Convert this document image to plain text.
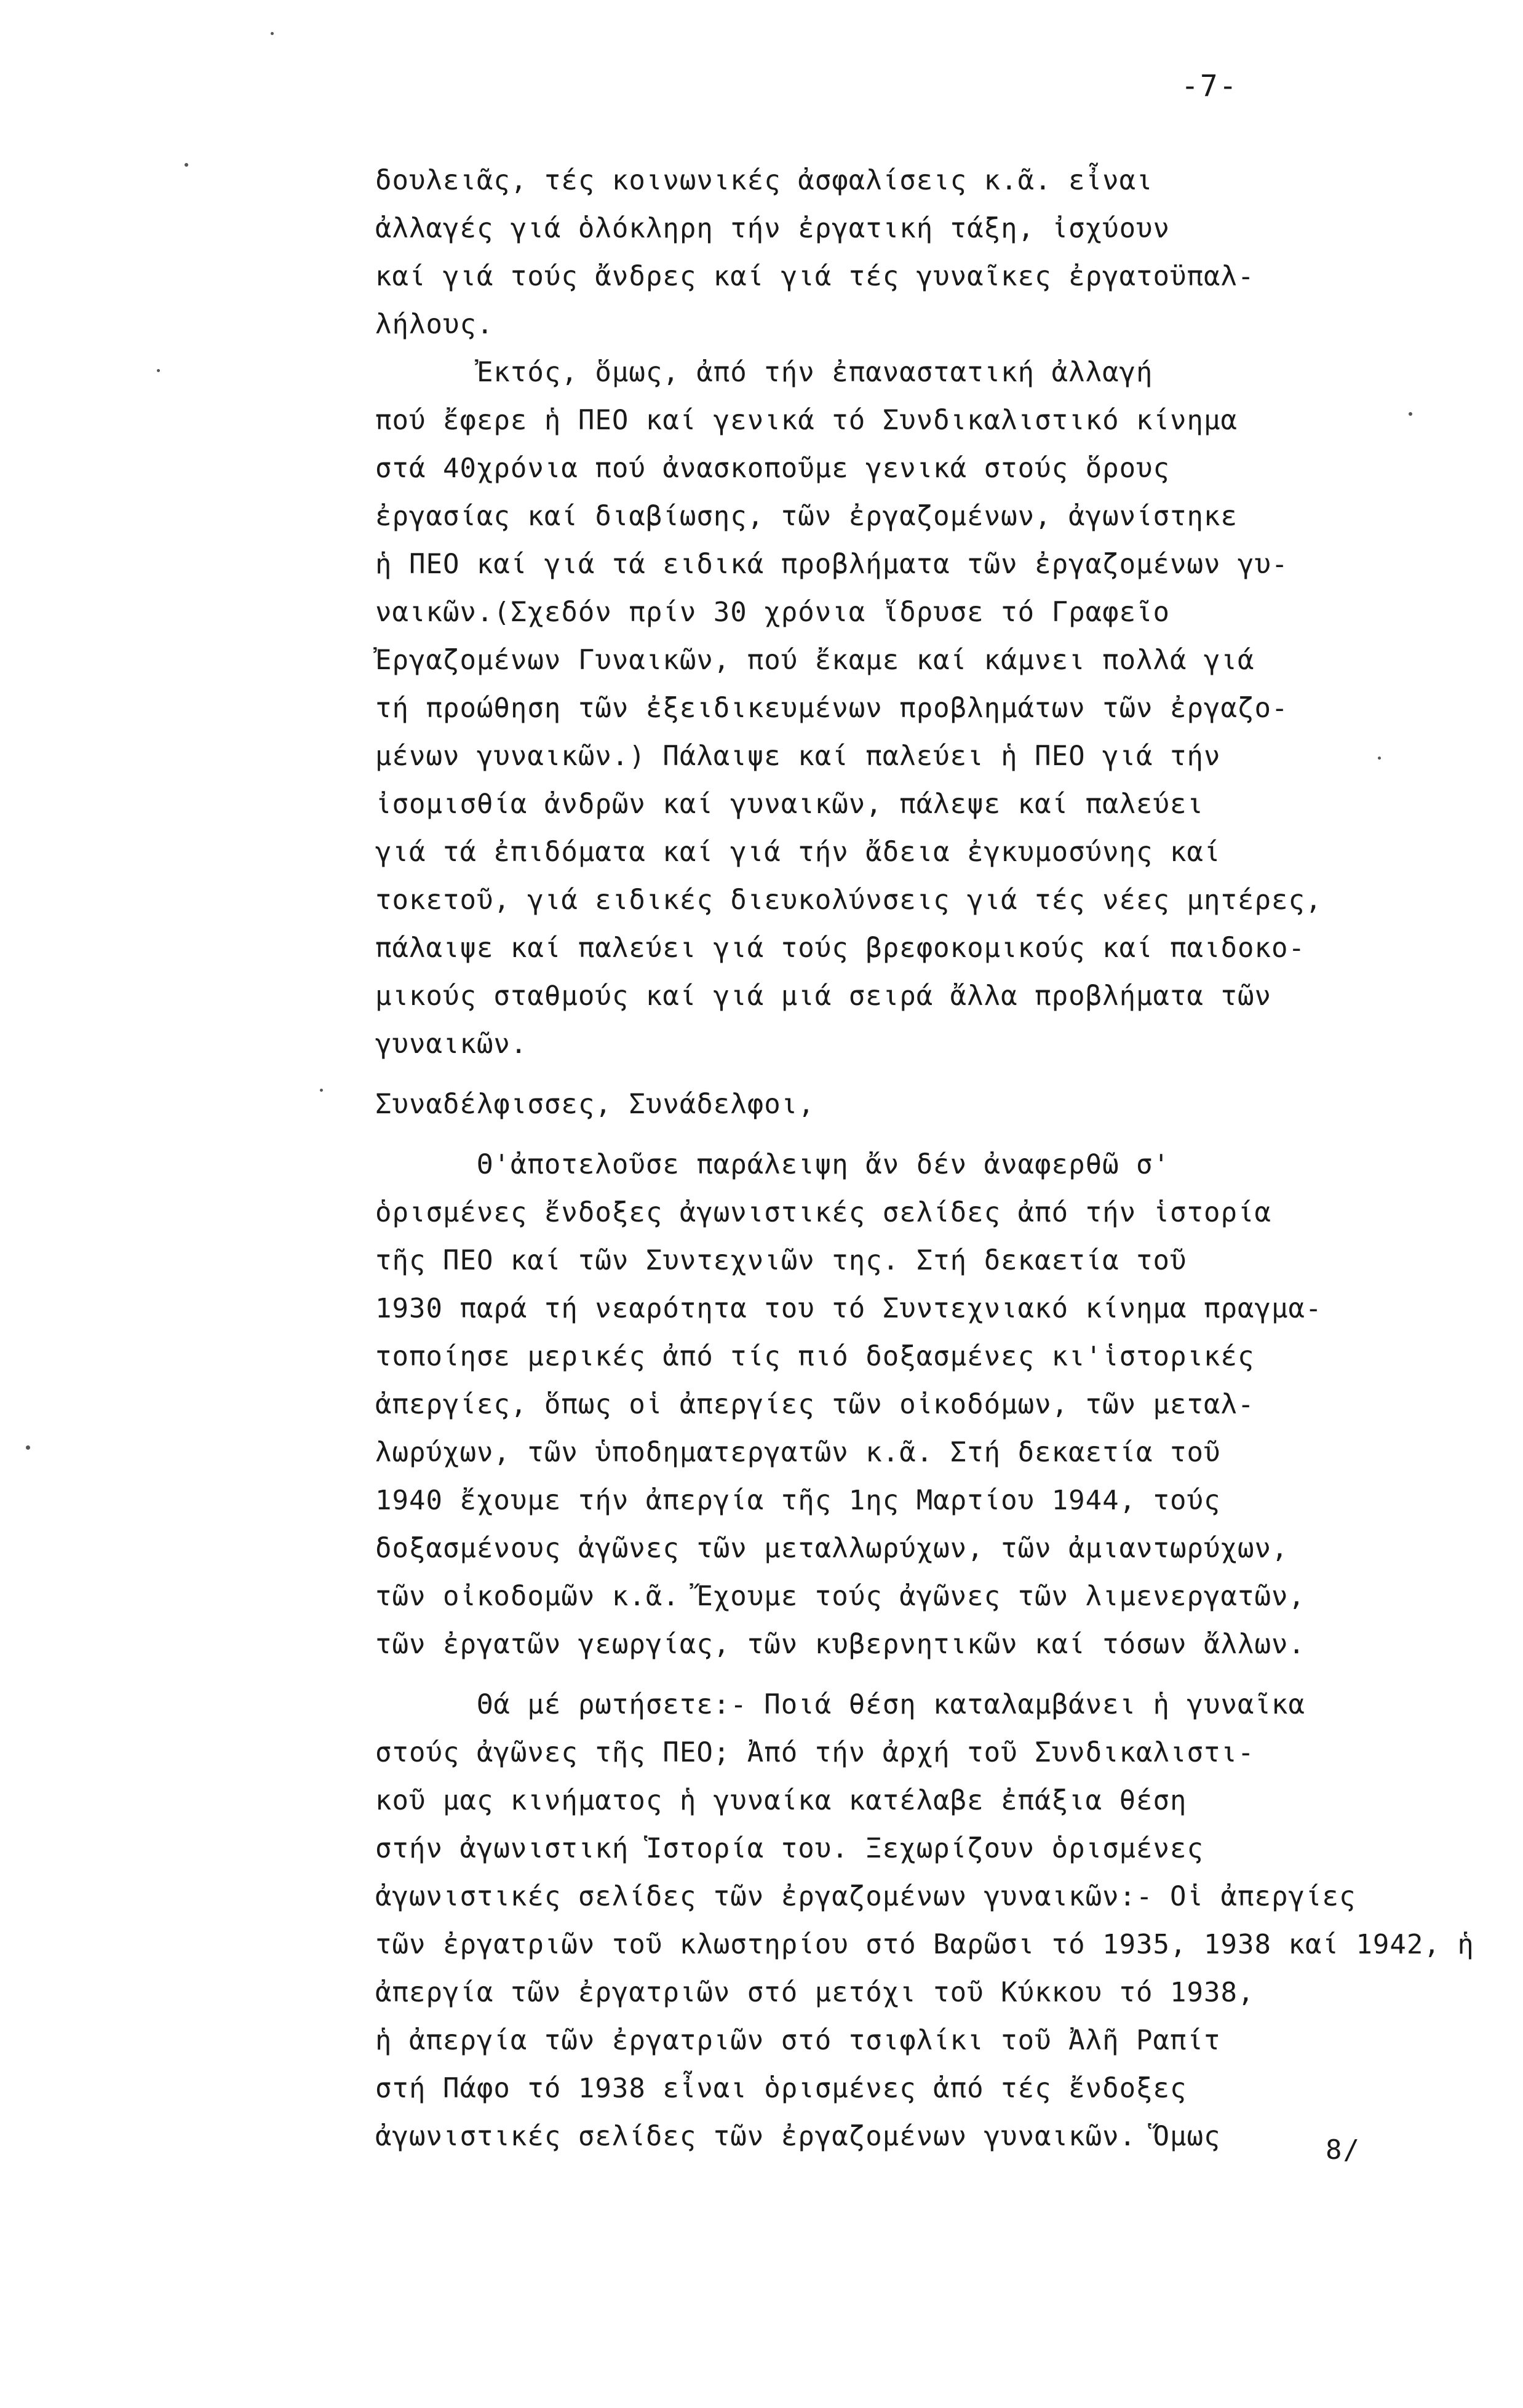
-7-
δουλειᾶς, τές κοινωνικές ἀσφαλίσεις κ.ᾶ. εἶναι
ἀλλαγές γιά ὁλόκληρη τήν ἐργατική τάξη, ἰσχύουν
καί γιά τούς ἄνδρες καί γιά τές γυναῖκες ἐργατοϋπαλ-
λήλους.
Ἐκτός, ὅμως, ἀπό τήν ἐπαναστατική ἀλλαγή
πού ἔφερε ἡ ΠΕΟ καί γενικά τό Συνδικαλιστικό κίνημα
στά 40χρόνια πού ἀνασκοποῦμε γενικά στούς ὅρους
ἐργασίας καί διαβίωσης, τῶν ἐργαζομένων, ἀγωνίστηκε
ἡ ΠΕΟ καί γιά τά ειδικά προβλήματα τῶν ἐργαζομένων γυ-
ναικῶν.(Σχεδόν πρίν 30 χρόνια ἵδρυσε τό Γραφεῖο
Ἐργαζομένων Γυναικῶν, πού ἔκαμε καί κάμνει πολλά γιά
τή προώθηση τῶν ἐξειδικευμένων προβλημάτων τῶν ἐργαζο-
μένων γυναικῶν.) Πάλαιψε καί παλεύει ἡ ΠΕΟ γιά τήν
ἰσομισθία ἀνδρῶν καί γυναικῶν, πάλεψε καί παλεύει
γιά τά ἐπιδόματα καί γιά τήν ἄδεια ἐγκυμοσύνης καί
τοκετοῦ, γιά ειδικές διευκολύνσεις γιά τές νέες μητέρες,
πάλαιψε καί παλεύει γιά τούς βρεφοκομικούς καί παιδοκο-
μικούς σταθμούς καί γιά μιά σειρά ἄλλα προβλήματα τῶν
γυναικῶν.
Συναδέλφισσες, Συνάδελφοι,
Θ'ἀποτελοῦσε παράλειψη ἄν δέν ἀναφερθῶ σ'
ὁρισμένες ἔνδοξες ἀγωνιστικές σελίδες ἀπό τήν ἱστορία
τῆς ΠΕΟ καί τῶν Συντεχνιῶν της. Στή δεκαετία τοῦ
1930 παρά τή νεαρότητα του τό Συντεχνιακό κίνημα πραγμα-
τοποίησε μερικές ἀπό τίς πιό δοξασμένες κι'ἱστορικές
ἀπεργίες, ὅπως οἱ ἀπεργίες τῶν οἰκοδόμων, τῶν μεταλ-
λωρύχων, τῶν ὑποδηματεργατῶν κ.ᾶ. Στή δεκαετία τοῦ
1940 ἔχουμε τήν ἀπεργία τῆς 1ης Μαρτίου 1944, τούς
δοξασμένους ἀγῶνες τῶν μεταλλωρύχων, τῶν ἀμιαντωρύχων,
τῶν οἰκοδομῶν κ.ᾶ. Ἔχουμε τούς ἀγῶνες τῶν λιμενεργατῶν,
τῶν ἐργατῶν γεωργίας, τῶν κυβερνητικῶν καί τόσων ἄλλων.
Θά μέ ρωτήσετε:- Ποιά θέση καταλαμβάνει ἡ γυναῖκα
στούς ἀγῶνες τῆς ΠΕΟ; Ἀπό τήν ἀρχή τοῦ Συνδικαλιστι-
κοῦ μας κινήματος ἡ γυναίκα κατέλαβε ἐπάξια θέση
στήν ἀγωνιστική Ἱστορία του. Ξεχωρίζουν ὁρισμένες
ἀγωνιστικές σελίδες τῶν ἐργαζομένων γυναικῶν:- Οἱ ἀπεργίες
τῶν ἐργατριῶν τοῦ κλωστηρίου στό Βαρῶσι τό 1935, 1938 καί 1942, ἡ
ἀπεργία τῶν ἐργατριῶν στό μετόχι τοῦ Κύκκου τό 1938,
ἡ ἀπεργία τῶν ἐργατριῶν στό τσιφλίκι τοῦ Ἀλῆ Ραπίτ
στή Πάφο τό 1938 εἶναι ὁρισμένες ἀπό τές ἔνδοξες
ἀγωνιστικές σελίδες τῶν ἐργαζομένων γυναικῶν. Ὅμως	8/
